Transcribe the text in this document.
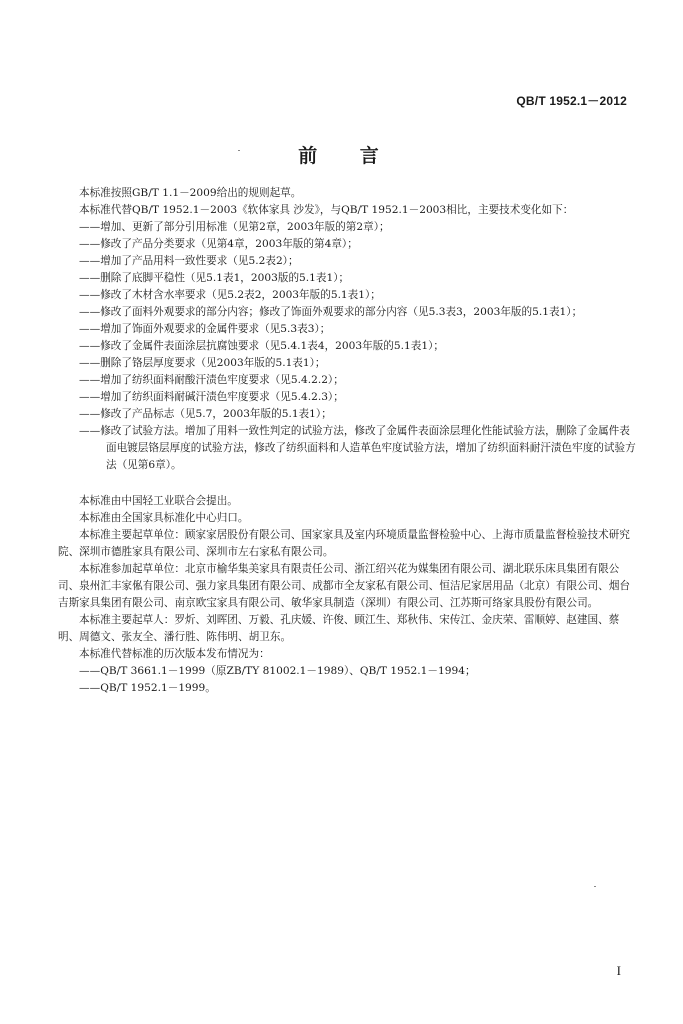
QB/T 1952.1－2012
前 言

本标准按照GB/T 1.1－2009给出的规则起草。

本标准代替QB/T 1952.1－2003《软体家具 沙发》，与QB/T 1952.1－2003相比，主要技术变化如下：

——增加、更新了部分引用标准（见第2章，2003年版的第2章）；

——修改了产品分类要求（见第4章，2003年版的第4章）；

——增加了产品用料一致性要求（见5.2表2）；

——删除了底脚平稳性（见5.1表1，2003版的5.1表1）；

——修改了木材含水率要求（见5.2表2，2003年版的5.1表1）；

——修改了面料外观要求的部分内容；修改了饰面外观要求的部分内容（见5.3表3，2003年版的5.1表1）；

——增加了饰面外观要求的金属件要求（见5.3表3）；

——修改了金属件表面涂层抗腐蚀要求（见5.4.1表4，2003年版的5.1表1）；

——删除了铬层厚度要求（见2003年版的5.1表1）；

——增加了纺织面料耐酸汗渍色牢度要求（见5.4.2.2）；

——增加了纺织面料耐碱汗渍色牢度要求（见5.4.2.3）；

——修改了产品标志（见5.7，2003年版的5.1表1）；

——修改了试验方法。增加了用料一致性判定的试验方法，修改了金属件表面涂层理化性能试验方法，删除了金属件表面电镀层铬层厚度的试验方法，修改了纺织面料和人造革色牢度试验方法，增加了纺织面料耐汗渍色牢度的试验方法（见第6章）。

本标准由中国轻工业联合会提出。

本标准由全国家具标准化中心归口。

本标准主要起草单位：顾家家居股份有限公司、国家家具及室内环境质量监督检验中心、上海市质量监督检验技术研究院、深圳市德胜家具有限公司、深圳市左右家私有限公司。

本标准参加起草单位：北京市榆华集美家具有限责任公司、浙江绍兴花为媒集团有限公司、湖北联乐床具集团有限公司、泉州汇丰家俬有限公司、强力家具集团有限公司、成都市全友家私有限公司、恒洁尼家居用品（北京）有限公司、烟台吉斯家具集团有限公司、南京欧宝家具有限公司、敏华家具制造（深圳）有限公司、江苏斯可络家具股份有限公司。

本标准主要起草人：罗炘、刘晖团、万毅、孔庆媛、许俊、顾江生、郑秋伟、宋传江、金庆荣、雷顺婷、赵建国、蔡明、周德文、张友全、潘行胜、陈伟明、胡卫东。

本标准代替标准的历次版本发布情况为：

——QB/T 3661.1－1999（原ZB/TY 81002.1－1989）、QB/T 1952.1－1994；

——QB/T 1952.1－1999。

I
